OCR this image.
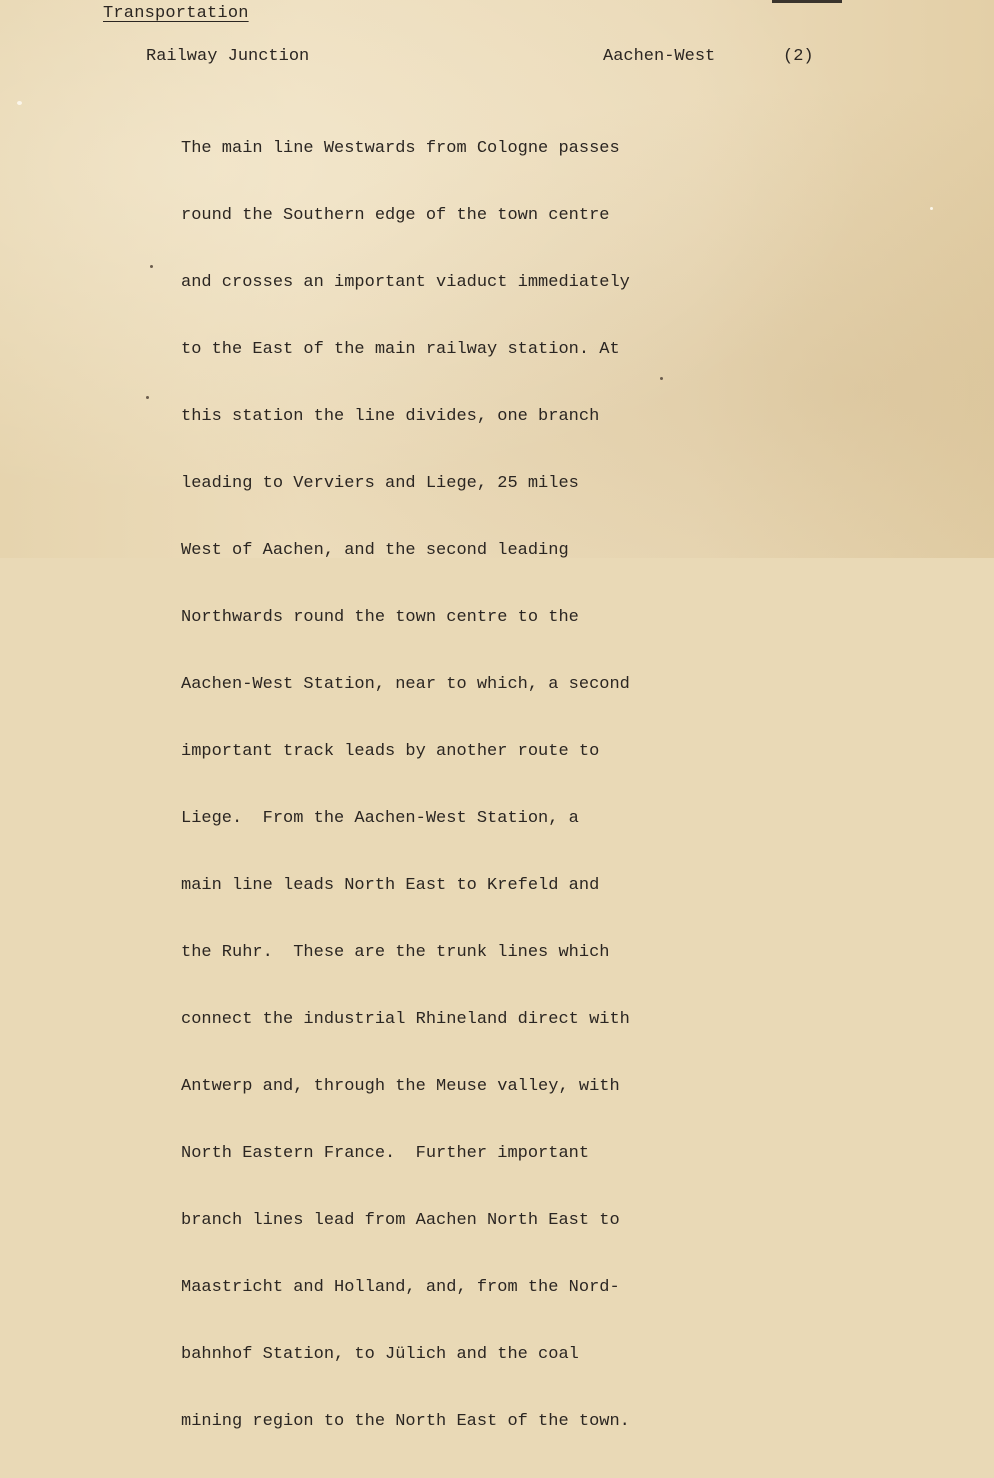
Transportation
Railway Junction	Aachen-West	(2)

The main line Westwards from Cologne passes

round the Southern edge of the town centre

and crosses an important viaduct immediately

to the East of the main railway station. At

this station the line divides, one branch

leading to Verviers and Liege, 25 miles

West of Aachen, and the second leading

Northwards round the town centre to the

Aachen-West Station, near to which, a second

important track leads by another route to

Liege.  From the Aachen-West Station, a

main line leads North East to Krefeld and

the Ruhr.  These are the trunk lines which

connect the industrial Rhineland direct with

Antwerp and, through the Meuse valley, with

North Eastern France.  Further important

branch lines lead from Aachen North East to

Maastricht and Holland, and, from the Nord-

bahnhof Station, to Jülich and the coal

mining region to the North East of the town.
